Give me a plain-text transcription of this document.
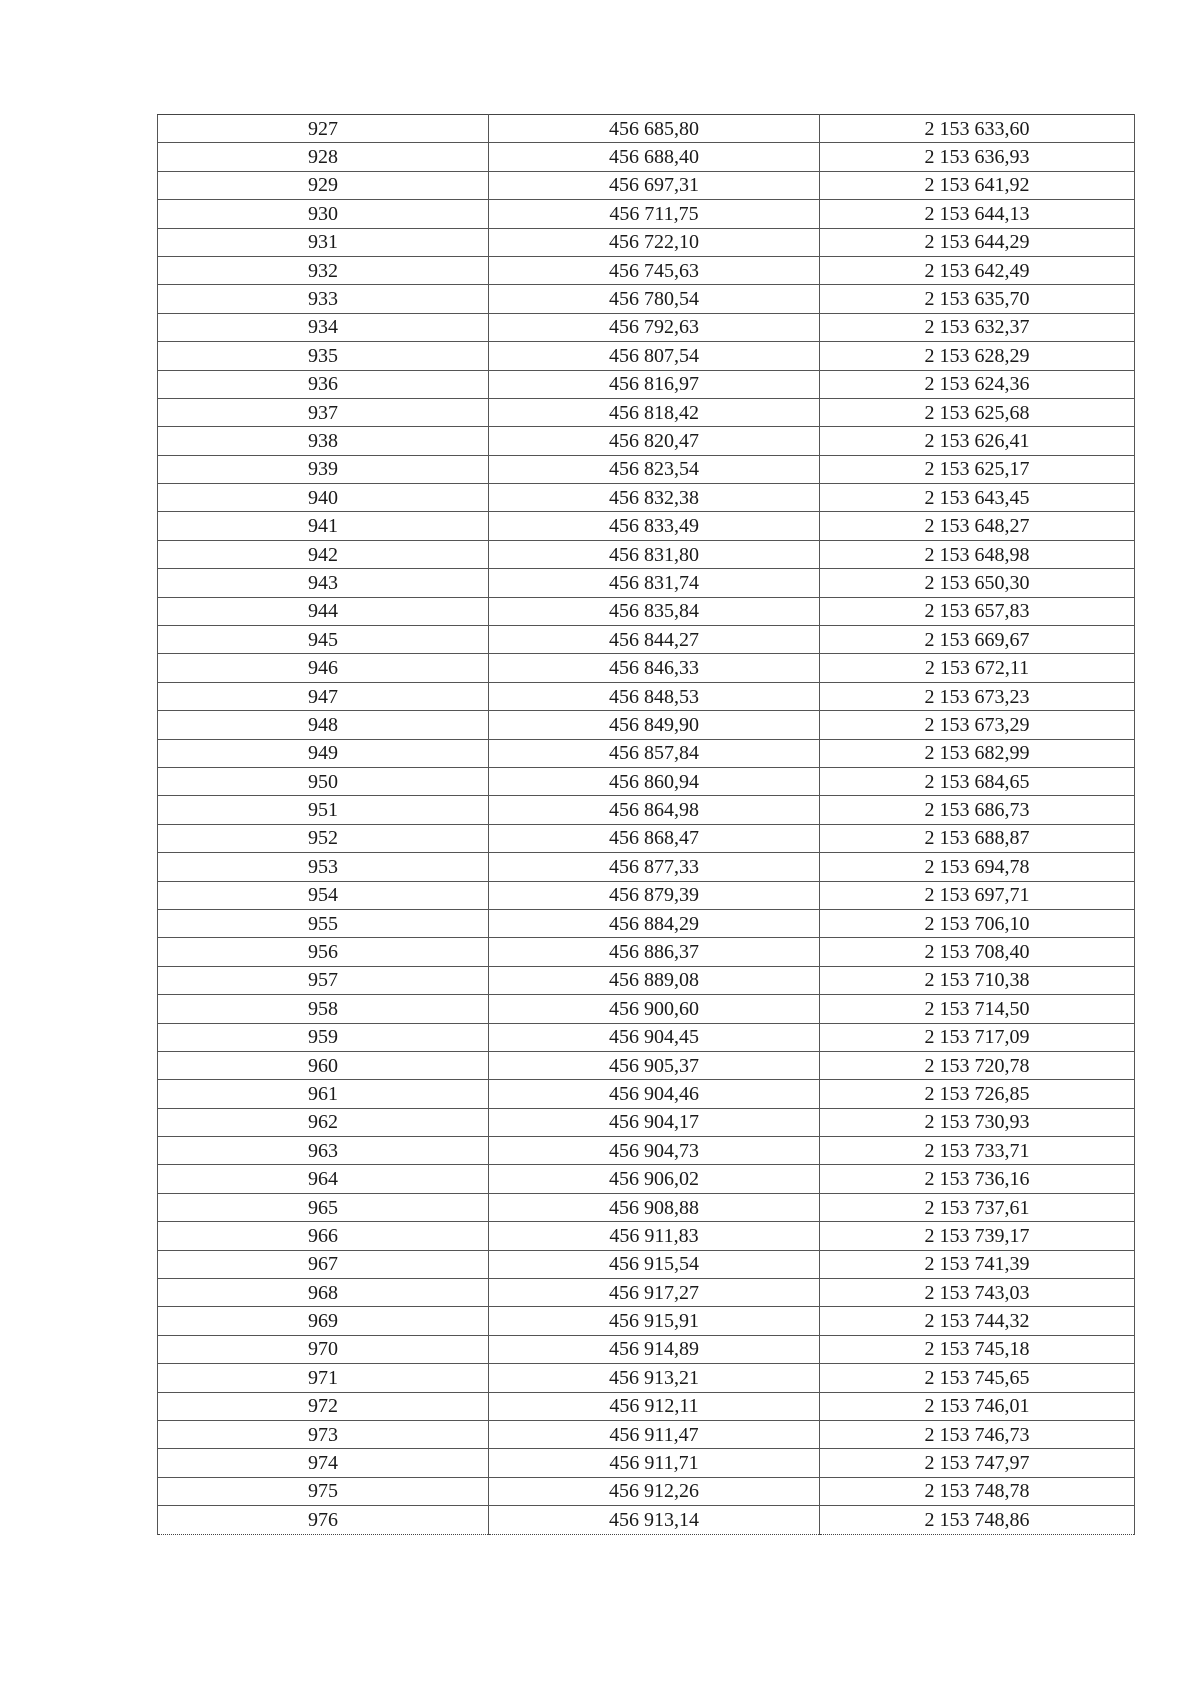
927	456 685,80	2 153 633,60
928	456 688,40	2 153 636,93
929	456 697,31	2 153 641,92
930	456 711,75	2 153 644,13
931	456 722,10	2 153 644,29
932	456 745,63	2 153 642,49
933	456 780,54	2 153 635,70
934	456 792,63	2 153 632,37
935	456 807,54	2 153 628,29
936	456 816,97	2 153 624,36
937	456 818,42	2 153 625,68
938	456 820,47	2 153 626,41
939	456 823,54	2 153 625,17
940	456 832,38	2 153 643,45
941	456 833,49	2 153 648,27
942	456 831,80	2 153 648,98
943	456 831,74	2 153 650,30
944	456 835,84	2 153 657,83
945	456 844,27	2 153 669,67
946	456 846,33	2 153 672,11
947	456 848,53	2 153 673,23
948	456 849,90	2 153 673,29
949	456 857,84	2 153 682,99
950	456 860,94	2 153 684,65
951	456 864,98	2 153 686,73
952	456 868,47	2 153 688,87
953	456 877,33	2 153 694,78
954	456 879,39	2 153 697,71
955	456 884,29	2 153 706,10
956	456 886,37	2 153 708,40
957	456 889,08	2 153 710,38
958	456 900,60	2 153 714,50
959	456 904,45	2 153 717,09
960	456 905,37	2 153 720,78
961	456 904,46	2 153 726,85
962	456 904,17	2 153 730,93
963	456 904,73	2 153 733,71
964	456 906,02	2 153 736,16
965	456 908,88	2 153 737,61
966	456 911,83	2 153 739,17
967	456 915,54	2 153 741,39
968	456 917,27	2 153 743,03
969	456 915,91	2 153 744,32
970	456 914,89	2 153 745,18
971	456 913,21	2 153 745,65
972	456 912,11	2 153 746,01
973	456 911,47	2 153 746,73
974	456 911,71	2 153 747,97
975	456 912,26	2 153 748,78
976	456 913,14	2 153 748,86
